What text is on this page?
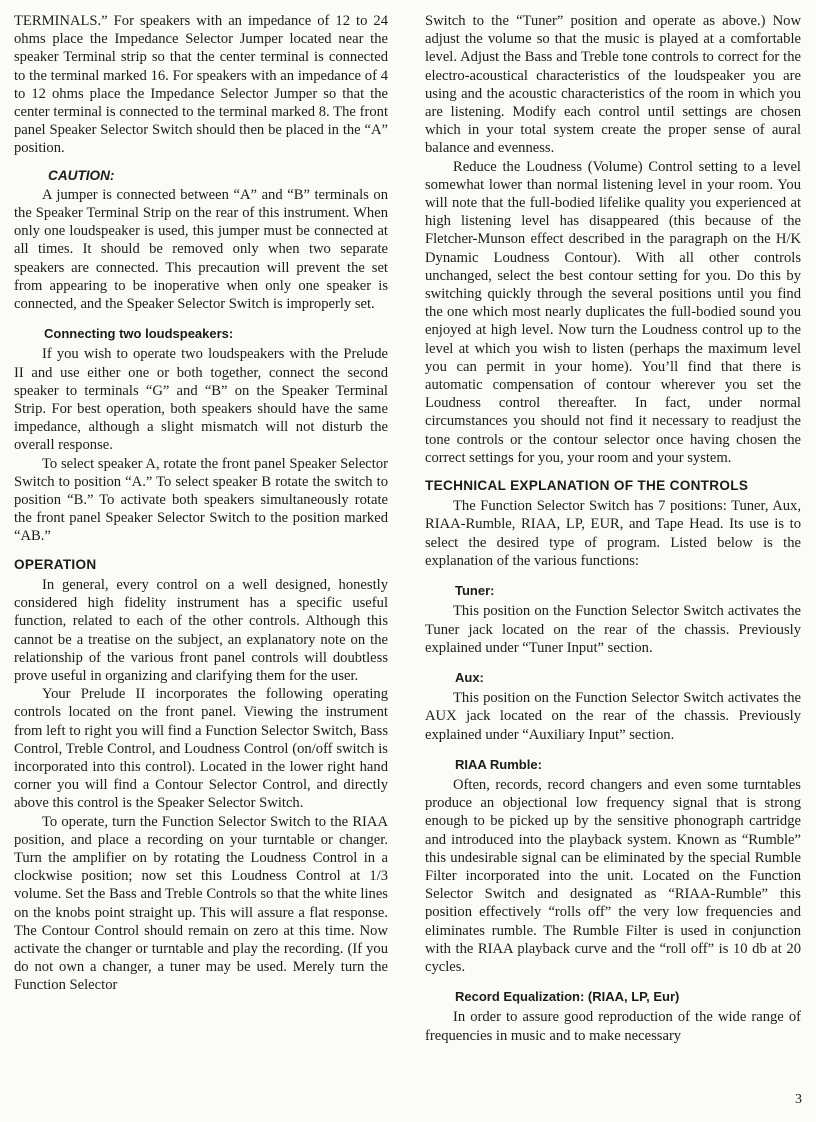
TERMINALS.” For speakers with an impedance of 12 to 24 ohms place the Impedance Selector Jumper located near the speaker Terminal strip so that the center terminal is connected to the terminal marked 16. For speakers with an impedance of 4 to 12 ohms place the Impedance Selector Jumper so that the center terminal is connected to the terminal marked 8. The front panel Speaker Selector Switch should then be placed in the “A” position.

CAUTION:

A jumper is connected between “A” and “B” terminals on the Speaker Terminal Strip on the rear of this instrument. When only one loudspeaker is used, this jumper must be connected at all times. It should be removed only when two separate speakers are connected. This precaution will prevent the set from appearing to be inoperative when only one speaker is connected, and the Speaker Selector Switch is improperly set.

Connecting two loudspeakers:

If you wish to operate two loudspeakers with the Prelude II and use either one or both together, connect the second speaker to terminals “G” and “B” on the Speaker Terminal Strip. For best operation, both speakers should have the same impedance, although a slight mismatch will not disturb the overall response.

To select speaker A, rotate the front panel Speaker Selector Switch to position “A.” To select speaker B rotate the switch to position “B.” To activate both speakers simultaneously rotate the front panel Speaker Selector Switch to the position marked “AB.”

OPERATION

In general, every control on a well designed, honestly considered high fidelity instrument has a specific useful function, related to each of the other controls. Although this cannot be a treatise on the subject, an explanatory note on the relationship of the various front panel controls will doubtless prove useful in organizing and clarifying them for the user.

Your Prelude II incorporates the following operating controls located on the front panel. Viewing the instrument from left to right you will find a Function Selector Switch, Bass Control, Treble Control, and Loudness Control (on/off switch is incorporated into this control). Located in the lower right hand corner you will find a Contour Selector Control, and directly above this control is the Speaker Selector Switch.

To operate, turn the Function Selector Switch to the RIAA position, and place a recording on your turntable or changer. Turn the amplifier on by rotating the Loudness Control in a clockwise position; now set this Loudness Control at 1/3 volume. Set the Bass and Treble Controls so that the white lines on the knobs point straight up. This will assure a flat response. The Contour Control should remain on zero at this time. Now activate the changer or turntable and play the recording. (If you do not own a changer, a tuner may be used. Merely turn the Function Selector

Switch to the “Tuner” position and operate as above.) Now adjust the volume so that the music is played at a comfortable level. Adjust the Bass and Treble tone controls to correct for the electro-acoustical characteristics of the loudspeaker you are using and the acoustic characteristics of the room in which you are listening. Modify each control until settings are chosen which in your total system create the proper sense of aural balance and evenness.

Reduce the Loudness (Volume) Control setting to a level somewhat lower than normal listening level in your room. You will note that the full-bodied lifelike quality you experienced at high listening level has disappeared (this because of the Fletcher-Munson effect described in the paragraph on the H/K Dynamic Loudness Contour). With all other controls unchanged, select the best contour setting for you. Do this by switching quickly through the several positions until you find the one which most nearly duplicates the full-bodied sound you enjoyed at high level. Now turn the Loudness control up to the level at which you wish to listen (perhaps the maximum level you can permit in your home). You’ll find that there is automatic compensation of contour wherever you set the Loudness control thereafter. In fact, under normal circumstances you should not find it necessary to readjust the tone controls or the contour selector once having chosen the correct settings for you, your room and your system.

TECHNICAL EXPLANATION OF THE CONTROLS

The Function Selector Switch has 7 positions: Tuner, Aux, RIAA-Rumble, RIAA, LP, EUR, and Tape Head. Its use is to select the desired type of program. Listed below is the explanation of the various functions:

Tuner:

This position on the Function Selector Switch activates the Tuner jack located on the rear of the chassis. Previously explained under “Tuner Input” section.

Aux:

This position on the Function Selector Switch activates the AUX jack located on the rear of the chassis. Previously explained under “Auxiliary Input” section.

RIAA Rumble:

Often, records, record changers and even some turntables produce an objectional low frequency signal that is strong enough to be picked up by the sensitive phonograph cartridge and introduced into the playback system. Known as “Rumble” this undesirable signal can be eliminated by the special Rumble Filter incorporated into the unit. Located on the Function Selector Switch and designated as “RIAA-Rumble” this position effectively “rolls off” the very low frequencies and eliminates rumble. The Rumble Filter is used in conjunction with the RIAA playback curve and the “roll off” is 10 db at 20 cycles.

Record Equalization: (RIAA, LP, Eur)

In order to assure good reproduction of the wide range of frequencies in music and to make necessary

3
